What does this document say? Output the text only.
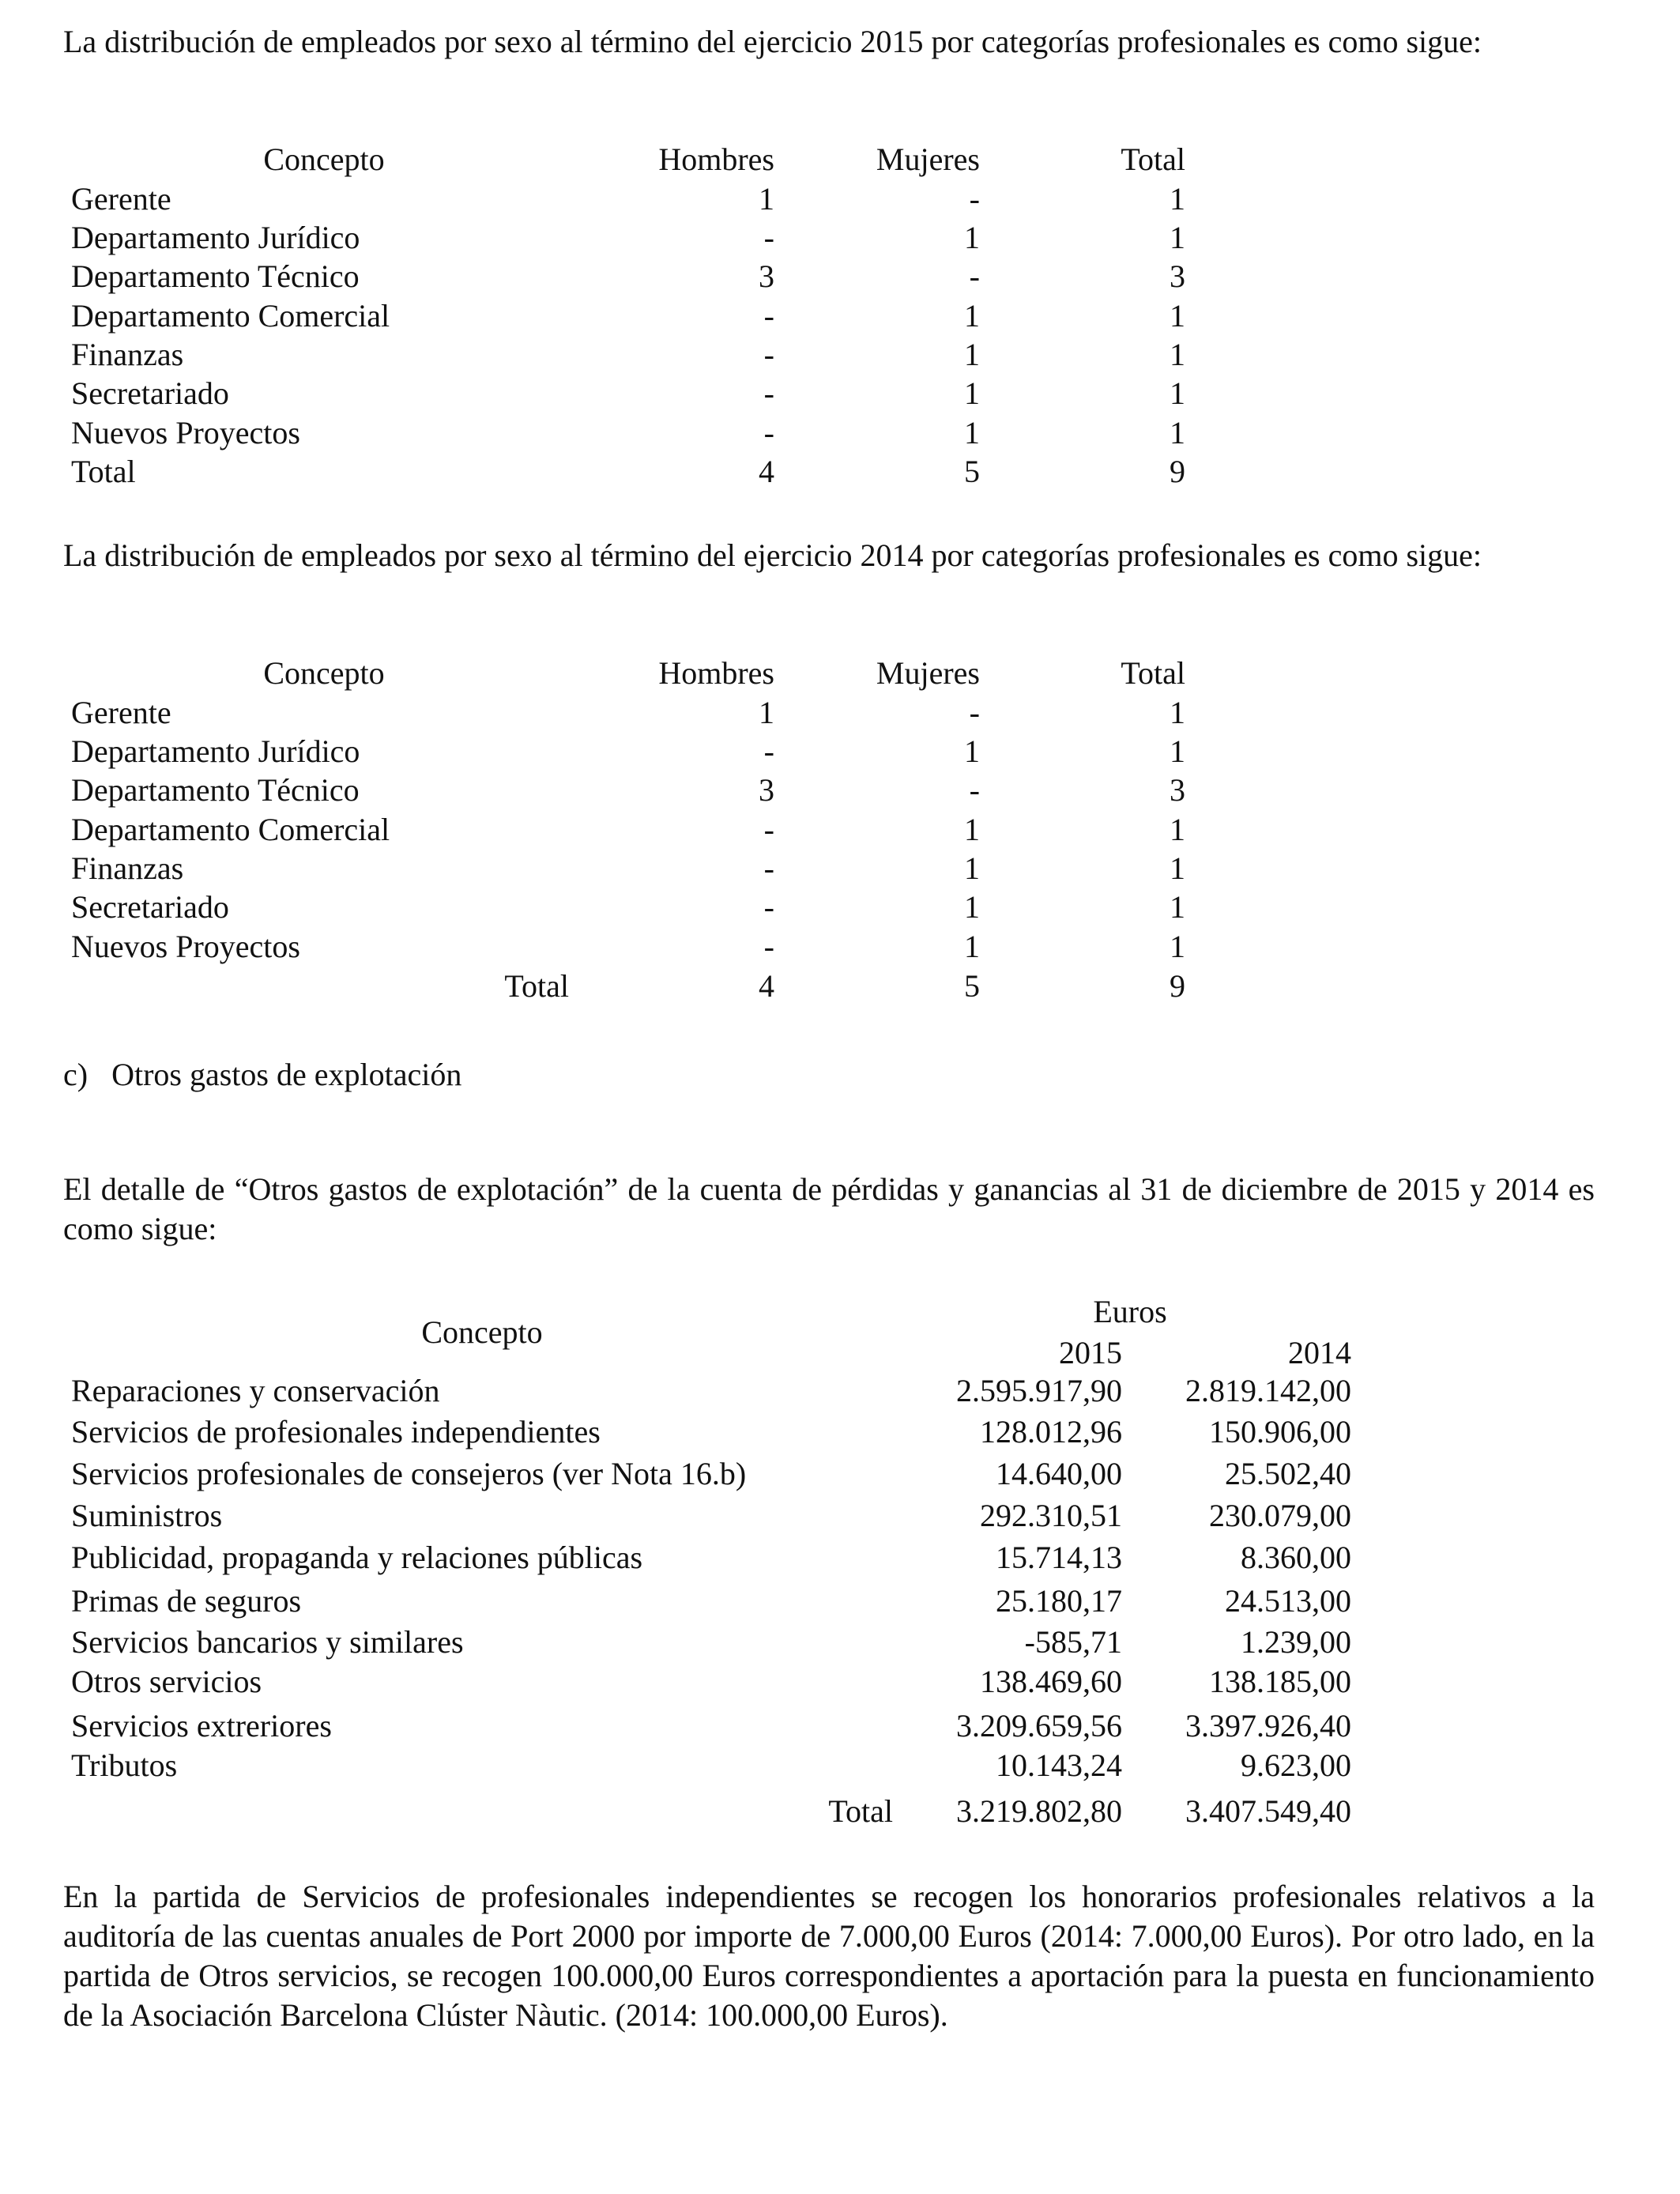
La distribución de empleados por sexo al término del ejercicio 2015 por categorías profesionales es como sigue:
Concepto	Hombres	Mujeres	Total
Gerente	1	-	1
Departamento Jurídico	-	1	1
Departamento Técnico	3	-	3
Departamento Comercial	-	1	1
Finanzas	-	1	1
Secretariado	-	1	1
Nuevos Proyectos	-	1	1
Total	4	5	9
La distribución de empleados por sexo al término del ejercicio 2014 por categorías profesionales es como sigue:
Concepto	Hombres	Mujeres	Total
Gerente	1	-	1
Departamento Jurídico	-	1	1
Departamento Técnico	3	-	3
Departamento Comercial	-	1	1
Finanzas	-	1	1
Secretariado	-	1	1
Nuevos Proyectos	-	1	1
Total	4	5	9
c)   Otros gastos de explotación
El detalle de “Otros gastos de explotación” de la cuenta de pérdidas y ganancias al 31 de diciembre de 2015 y 2014 es como sigue:
Concepto
Euros
2015	2014
Reparaciones y conservación	2.595.917,90	2.819.142,00
Servicios de profesionales independientes	128.012,96	150.906,00
Servicios profesionales de consejeros (ver Nota 16.b)	14.640,00	25.502,40
Suministros	292.310,51	230.079,00
Publicidad, propaganda y relaciones públicas	15.714,13	8.360,00
Primas de seguros	25.180,17	24.513,00
Servicios bancarios y similares	-585,71	1.239,00
Otros servicios	138.469,60	138.185,00
Servicios extreriores	3.209.659,56	3.397.926,40
Tributos	10.143,24	9.623,00
Total	3.219.802,80	3.407.549,40
En la partida de Servicios de profesionales independientes se recogen los honorarios profesionales relativos a la auditoría de las cuentas anuales de Port 2000 por importe de 7.000,00 Euros (2014: 7.000,00 Euros). Por otro lado, en la partida de Otros servicios, se recogen 100.000,00 Euros correspondientes a aportación para la puesta en funcionamiento de la Asociación Barcelona Clúster Nàutic. (2014: 100.000,00 Euros).
